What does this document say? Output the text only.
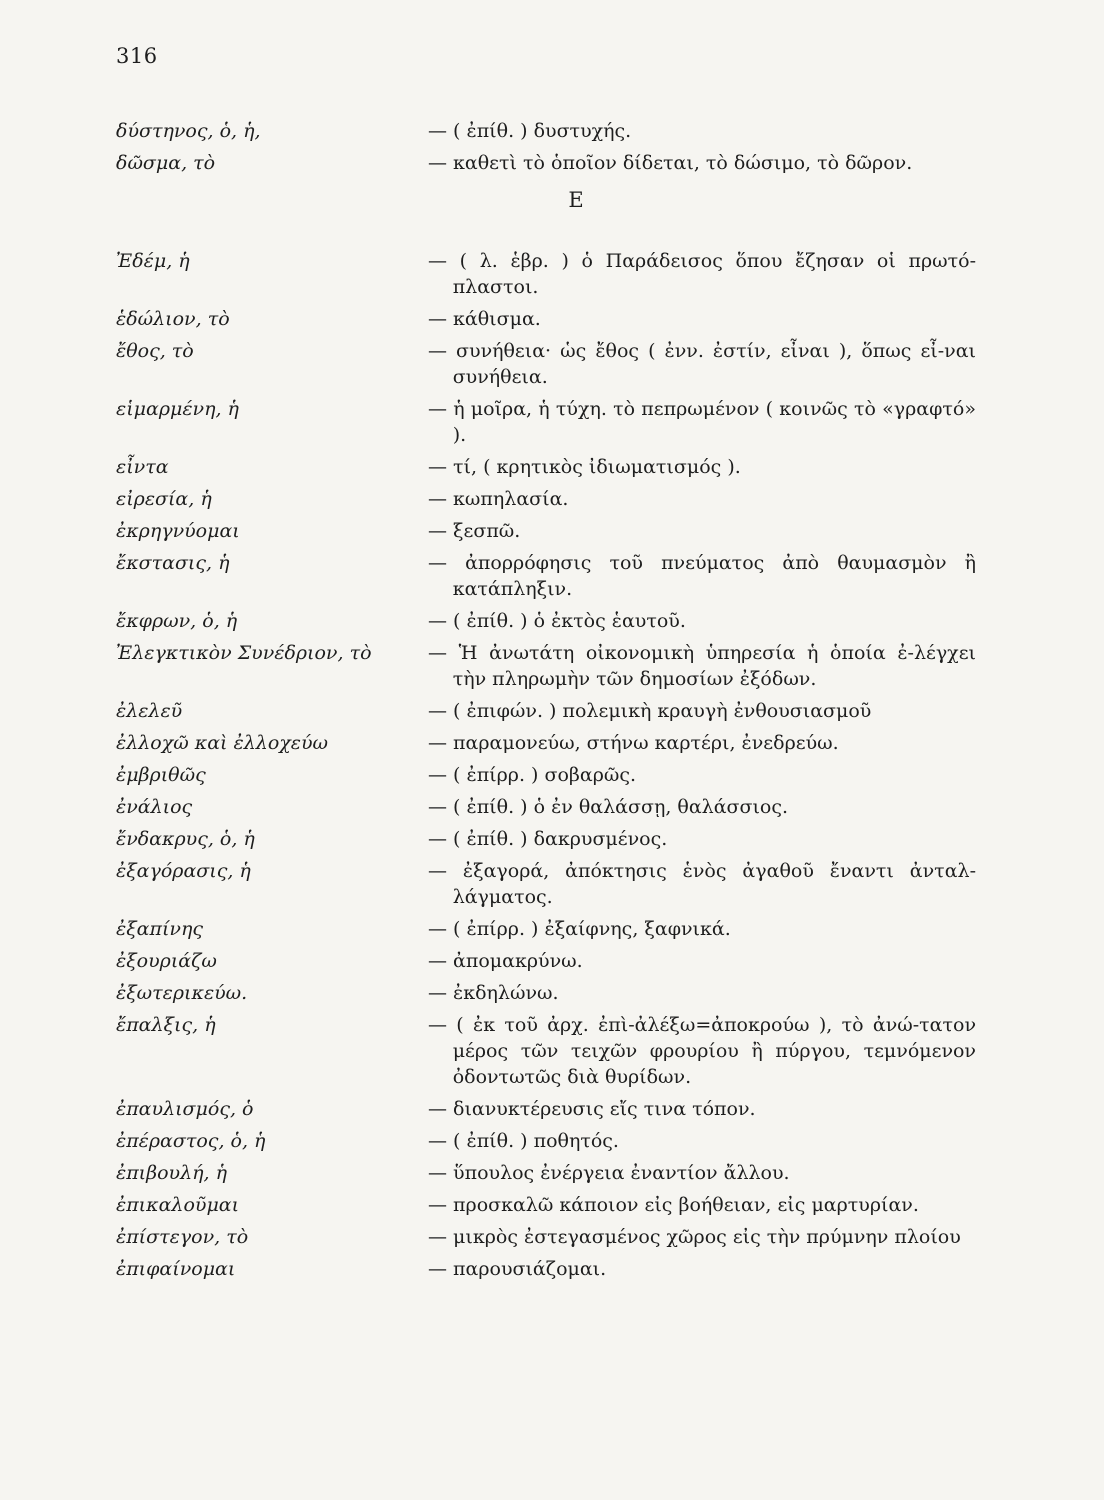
316
δύστηνος, ὁ, ἡ,	— ( ἐπίθ. ) δυστυχής.
δῶσμα, τὸ	— καθετὶ τὸ ὁποῖον δίδεται, τὸ δώσιμο, τὸ δῶρον.
Ε
Ἐδέμ, ἡ	— ( λ. ἑβρ. ) ὁ Παράδεισος ὅπου ἔζησαν οἱ πρωτό-πλαστοι.
ἑδώλιον, τὸ	— κάθισμα.
ἔθος, τὸ	— συνήθεια· ὡς ἔθος ( ἐνν. ἐστίν, εἶναι ), ὅπως εἶ-ναι συνήθεια.
εἱμαρμένη, ἡ	— ἡ μοῖρα, ἡ τύχη. τὸ πεπρωμένον ( κοινῶς τὸ «γραφτό» ).
εἶντα	— τί, ( κρητικὸς ἰδιωματισμός ).
εἰρεσία, ἡ	— κωπηλασία.
ἐκρηγνύομαι	— ξεσπῶ.
ἔκστασις, ἡ	— ἀπορρόφησις τοῦ πνεύματος ἀπὸ θαυμασμὸν ἢ κατάπληξιν.
ἔκφρων, ὁ, ἡ	— ( ἐπίθ. ) ὁ ἐκτὸς ἑαυτοῦ.
Ἐλεγκτικὸν Συνέδριον, τὸ	— Ἡ ἀνωτάτη οἰκονομικὴ ὑπηρεσία ἡ ὁποία ἐ-λέγχει τὴν πληρωμὴν τῶν δημοσίων ἐξόδων.
ἐλελεῦ	— ( ἐπιφών. ) πολεμικὴ κραυγὴ ἐνθουσιασμοῦ
ἐλλοχῶ καὶ ἐλλοχεύω	— παραμονεύω, στήνω καρτέρι, ἐνεδρεύω.
ἐμβριθῶς	— ( ἐπίρρ. ) σοβαρῶς.
ἐνάλιος	— ( ἐπίθ. ) ὁ ἐν θαλάσσῃ, θαλάσσιος.
ἔνδακρυς, ὁ, ἡ	— ( ἐπίθ. ) δακρυσμένος.
ἐξαγόρασις, ἡ	— ἐξαγορά, ἀπόκτησις ἑνὸς ἀγαθοῦ ἔναντι ἀνταλ-λάγματος.
ἐξαπίνης	— ( ἐπίρρ. ) ἐξαίφνης, ξαφνικά.
ἐξουριάζω	— ἀπομακρύνω.
ἐξωτερικεύω.	— ἐκδηλώνω.
ἔπαλξις, ἡ	— ( ἐκ τοῦ ἀρχ. ἐπὶ-ἀλέξω=ἀποκρούω ), τὸ ἀνώ-τατον μέρος τῶν τειχῶν φρουρίου ἢ πύργου, τεμνόμενον ὀδοντωτῶς διὰ θυρίδων.
ἐπαυλισμός, ὁ	— διανυκτέρευσις εἴς τινα τόπον.
ἐπέραστος, ὁ, ἡ	— ( ἐπίθ. ) ποθητός.
ἐπιβουλή, ἡ	— ὕπουλος ἐνέργεια ἐναντίον ἄλλου.
ἐπικαλοῦμαι	— προσκαλῶ κάποιον εἰς βοήθειαν, εἰς μαρτυρίαν.
ἐπίστεγον, τὸ	— μικρὸς ἐστεγασμένος χῶρος εἰς τὴν πρύμνην πλοίου
ἐπιφαίνομαι	— παρουσιάζομαι.
